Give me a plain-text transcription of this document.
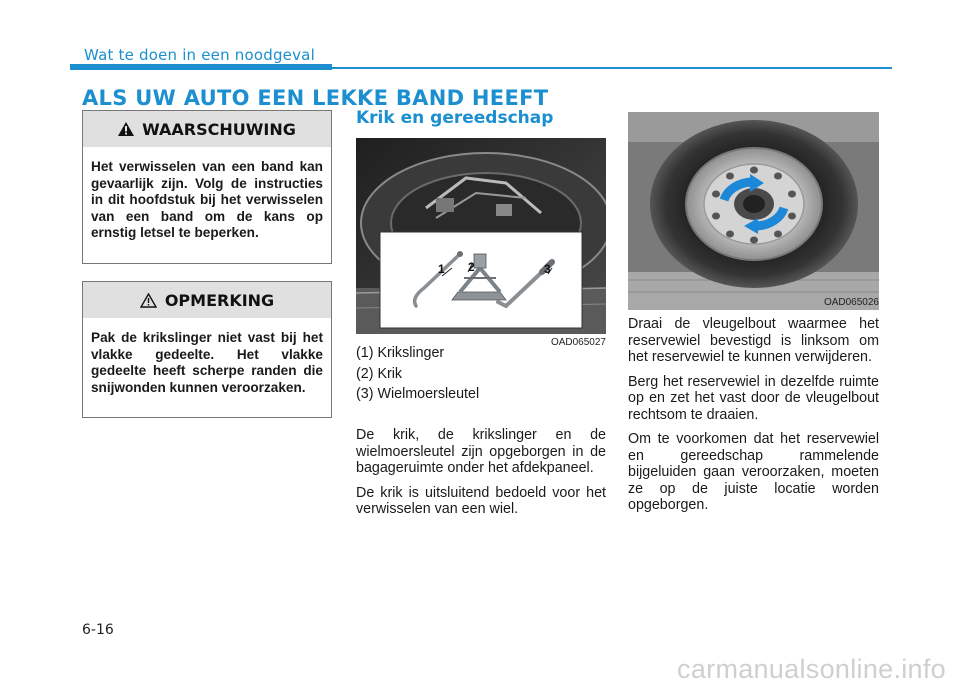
Wat te doen in een noodgeval
ALS UW AUTO EEN LEKKE BAND HEEFT
WAARSCHUWING
Het verwisselen van een band kan gevaarlijk zijn. Volg de instructies in dit hoofdstuk bij het verwisselen van een band om de kans op ernstig letsel te beperken.
OPMERKING
Pak de krikslinger niet vast bij het vlakke gedeelte. Het vlakke gedeelte heeft scherpe randen die snijwonden kunnen veroorzaken.
Krik en gereedschap
1 2	3
OAD065027
(1) Krikslinger
(2) Krik
(3) Wielmoersleutel

De krik, de krikslinger en de wielmoersleutel zijn opgeborgen in de bagageruimte onder het afdekpaneel.

De krik is uitsluitend bedoeld voor het verwisselen van een wiel.

OAD065026

Draai de vleugelbout waarmee het reservewiel bevestigd is linksom om het reservewiel te kunnen verwijderen.

Berg het reservewiel in dezelfde ruimte op en zet het vast door de vleugelbout rechtsom te draaien.

Om te voorkomen dat het reservewiel en gereedschap rammelende bijgeluiden gaan veroorzaken, moeten ze op de juiste locatie worden opgeborgen.

6-16
carmanualsonline.info
